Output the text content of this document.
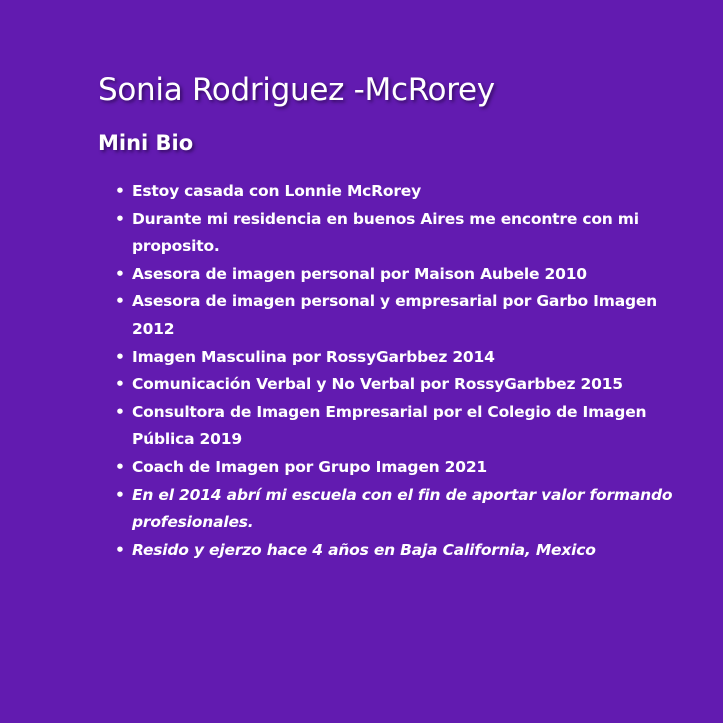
Sonia Rodriguez -McRorey
Mini Bio
• Estoy casada con Lonnie McRorey
• Durante mi residencia en buenos Aires me encontre con mi proposito.
• Asesora de imagen personal por Maison Aubele 2010
• Asesora de imagen personal y empresarial por Garbo Imagen 2012
• Imagen Masculina por RossyGarbbez 2014
• Comunicación Verbal y No Verbal por RossyGarbbez 2015
• Consultora de Imagen Empresarial por el Colegio de Imagen Pública 2019
• Coach de Imagen por Grupo Imagen 2021
• En el 2014 abrí mi escuela con el fin de aportar valor formando profesionales.
• Resido y ejerzo hace 4 años en Baja California, Mexico
